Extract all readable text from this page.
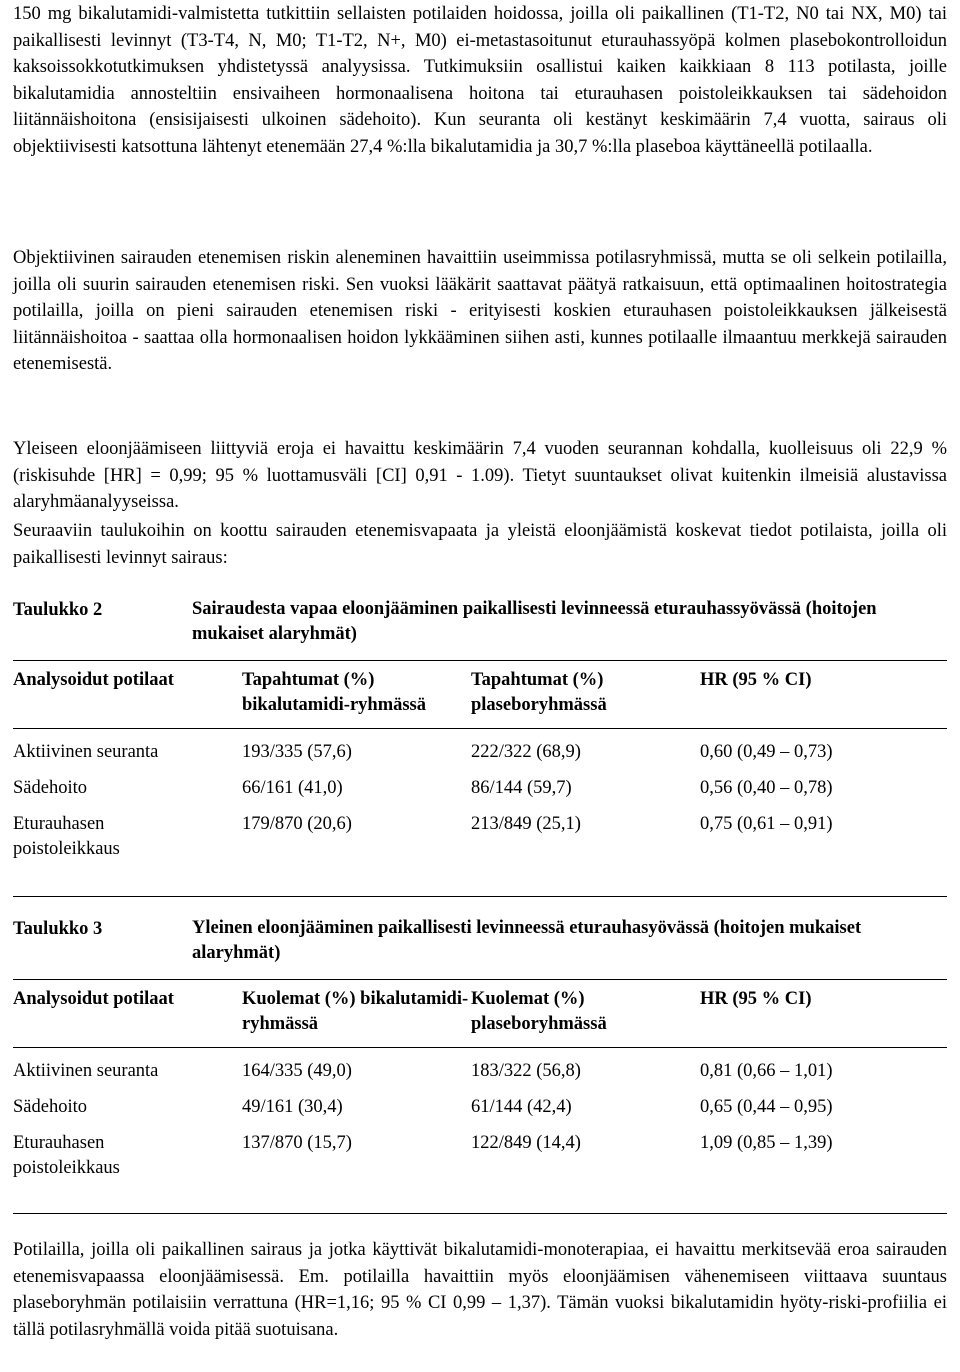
150 mg bikalutamidi-valmistetta tutkittiin sellaisten potilaiden hoidossa, joilla oli paikallinen (T1-T2, N0 tai NX, M0) tai paikallisesti levinnyt (T3-T4, N, M0; T1-T2, N+, M0) ei-metastasoitunut eturauhassyöpä kolmen plasebokontrolloidun kaksoissokkotutkimuksen yhdistetyssä analyysissa. Tutkimuksiin osallistui kaiken kaikkiaan 8 113 potilasta, joille bikalutamidia annosteltiin ensivaiheen hormonaalisena hoitona tai eturauhasen poistoleikkauksen tai sädehoidon liitännäishoitona (ensisijaisesti ulkoinen sädehoito). Kun seuranta oli kestänyt keskimäärin 7,4 vuotta, sairaus oli objektiivisesti katsottuna lähtenyt etenemään 27,4 %:lla bikalutamidia ja 30,7 %:lla plaseboa käyttäneellä potilaalla.

Objektiivinen sairauden etenemisen riskin aleneminen havaittiin useimmissa potilasryhmissä, mutta se oli selkein potilailla, joilla oli suurin sairauden etenemisen riski. Sen vuoksi lääkärit saattavat päätyä ratkaisuun, että optimaalinen hoitostrategia potilailla, joilla on pieni sairauden etenemisen riski - erityisesti koskien eturauhasen poistoleikkauksen jälkeisestä liitännäishoitoa - saattaa olla hormonaalisen hoidon lykkääminen siihen asti, kunnes potilaalle ilmaantuu merkkejä sairauden etenemisestä.

Yleiseen eloonjäämiseen liittyviä eroja ei havaittu keskimäärin 7,4 vuoden seurannan kohdalla, kuolleisuus oli 22,9 % (riskisuhde [HR] = 0,99; 95 % luottamusväli [CI] 0,91 - 1.09). Tietyt suuntaukset olivat kuitenkin ilmeisiä alustavissa alaryhmäanalyyseissa.

Seuraaviin taulukoihin on koottu sairauden etenemisvapaata ja yleistä eloonjäämistä koskevat tiedot potilaista, joilla oli paikallisesti levinnyt sairaus:

Taulukko 2	Sairaudesta vapaa eloonjääminen paikallisesti levinneessä eturauhassyövässä (hoitojen mukaiset alaryhmät)
Analysoidut potilaat	Tapahtumat (%) bikalutamidi-ryhmässä	Tapahtumat (%) plaseboryhmässä	HR (95 % CI)

Aktiivinen seuranta	193/335 (57,6)	222/322 (68,9)	0,60 (0,49 – 0,73)
Sädehoito	66/161 (41,0)	86/144 (59,7)	0,56 (0,40 – 0,78)
Eturauhasen poistoleikkaus	179/870 (20,6)	213/849 (25,1)	0,75 (0,61 – 0,91)
Taulukko 3	Yleinen eloonjääminen paikallisesti levinneessä eturauhasyövässä (hoitojen mukaiset alaryhmät)
Analysoidut potilaat	Kuolemat (%) bikalutamidi-ryhmässä	Kuolemat (%) plaseboryhmässä	HR (95 % CI)

Aktiivinen seuranta	164/335 (49,0)	183/322 (56,8)	0,81 (0,66 – 1,01)
Sädehoito	49/161 (30,4)	61/144 (42,4)	0,65 (0,44 – 0,95)
Eturauhasen poistoleikkaus	137/870 (15,7)	122/849 (14,4)	1,09 (0,85 – 1,39)

Potilailla, joilla oli paikallinen sairaus ja jotka käyttivät bikalutamidi-monoterapiaa, ei havaittu merkitsevää eroa sairauden etenemisvapaassa eloonjäämisessä. Em. potilailla havaittiin myös eloonjäämisen vähenemiseen viittaava suuntaus plaseboryhmän potilaisiin verrattuna (HR=1,16; 95 % CI 0,99 – 1,37). Tämän vuoksi bikalutamidin hyöty-riski-profiilia ei tällä potilasryhmällä voida pitää suotuisana.
